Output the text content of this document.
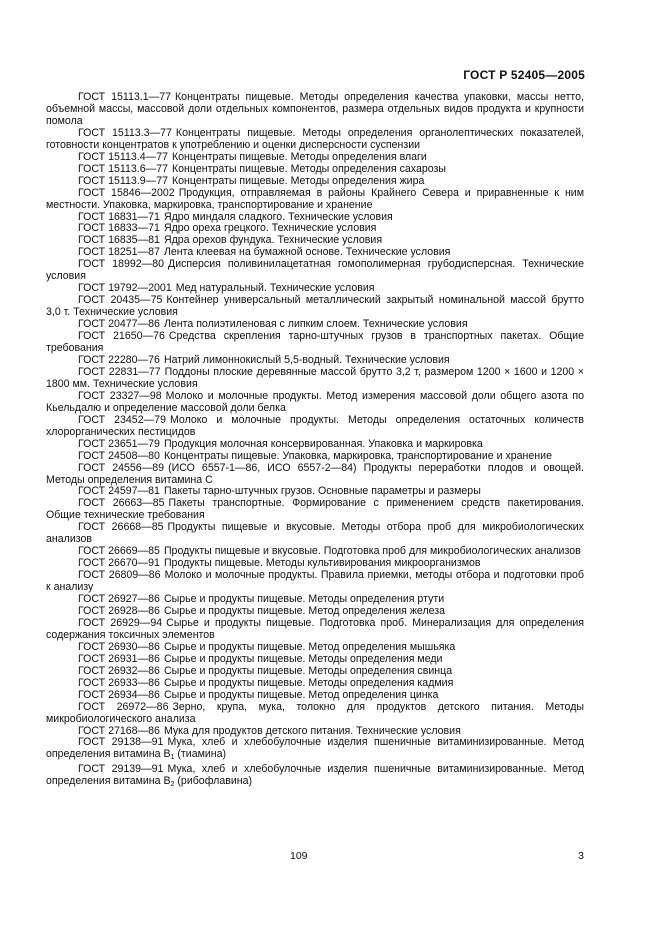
ГОСТ Р 52405—2005

ГОСТ 15113.1—77 Концентраты пищевые. Методы определения качества упаковки, массы нетто, объемной массы, массовой доли отдельных компонентов, размера отдельных видов продукта и крупности помола

ГОСТ 15113.3—77 Концентраты пищевые. Методы определения органолептических показателей, готовности концентратов к употреблению и оценки дисперсности суспензии

ГОСТ 15113.4—77 Концентраты пищевые. Методы определения влаги

ГОСТ 15113.6—77 Концентраты пищевые. Методы определения сахарозы

ГОСТ 15113.9—77 Концентраты пищевые. Методы определения жира

ГОСТ 15846—2002 Продукция, отправляемая в районы Крайнего Севера и приравненные к ним местности. Упаковка, маркировка, транспортирование и хранение

ГОСТ 16831—71 Ядро миндаля сладкого. Технические условия

ГОСТ 16833—71 Ядро ореха грецкого. Технические условия

ГОСТ 16835—81 Ядра орехов фундука. Технические условия

ГОСТ 18251—87 Лента клеевая на бумажной основе. Технические условия

ГОСТ 18992—80 Дисперсия поливинилацетатная гомополимерная грубодисперсная. Технические условия

ГОСТ 19792—2001 Мед натуральный. Технические условия

ГОСТ 20435—75 Контейнер универсальный металлический закрытый номинальной массой брутто 3,0 т. Технические условия

ГОСТ 20477—86 Лента полиэтиленовая с липким слоем. Технические условия

ГОСТ 21650—76 Средства скрепления тарно-штучных грузов в транспортных пакетах. Общие требования

ГОСТ 22280—76 Натрий лимоннокислый 5,5-водный. Технические условия

ГОСТ 22831—77 Поддоны плоские деревянные массой брутто 3,2 т, размером 1200 × 1600 и 1200 × 1800 мм. Технические условия

ГОСТ 23327—98 Молоко и молочные продукты. Метод измерения массовой доли общего азота по Кьельдалю и определение массовой доли белка

ГОСТ 23452—79 Молоко и молочные продукты. Методы определения остаточных количеств хлорорганических пестицидов

ГОСТ 23651—79 Продукция молочная консервированная. Упаковка и маркировка

ГОСТ 24508—80 Концентраты пищевые. Упаковка, маркировка, транспортирование и хранение

ГОСТ 24556—89 (ИСО 6557-1—86, ИСО 6557-2—84) Продукты переработки плодов и овощей. Методы определения витамина С

ГОСТ 24597—81 Пакеты тарно-штучных грузов. Основные параметры и размеры

ГОСТ 26663—85 Пакеты транспортные. Формирование с применением средств пакетирования. Общие технические требования

ГОСТ 26668—85 Продукты пищевые и вкусовые. Методы отбора проб для микробиологических анализов

ГОСТ 26669—85 Продукты пищевые и вкусовые. Подготовка проб для микробиологических анализов

ГОСТ 26670—91 Продукты пищевые. Методы культивирования микроорганизмов

ГОСТ 26809—86 Молоко и молочные продукты. Правила приемки, методы отбора и подготовки проб к анализу

ГОСТ 26927—86 Сырье и продукты пищевые. Методы определения ртути

ГОСТ 26928—86 Сырье и продукты пищевые. Метод определения железа

ГОСТ 26929—94 Сырье и продукты пищевые. Подготовка проб. Минерализация для определения содержания токсичных элементов

ГОСТ 26930—86 Сырье и продукты пищевые. Метод определения мышьяка

ГОСТ 26931—86 Сырье и продукты пищевые. Методы определения меди

ГОСТ 26932—86 Сырье и продукты пищевые. Методы определения свинца

ГОСТ 26933—86 Сырье и продукты пищевые. Методы определения кадмия

ГОСТ 26934—86 Сырье и продукты пищевые. Метод определения цинка

ГОСТ 26972—86 Зерно, крупа, мука, толокно для продуктов детского питания. Методы микробиологического анализа

ГОСТ 27168—86 Мука для продуктов детского питания. Технические условия

ГОСТ 29138—91 Мука, хлеб и хлебобулочные изделия пшеничные витаминизированные. Метод определения витамина $B_1$ (тиамина)

ГОСТ 29139—91 Мука, хлеб и хлебобулочные изделия пшеничные витаминизированные. Метод определения витамина $B_2$ (рибофлавина)

109	3
